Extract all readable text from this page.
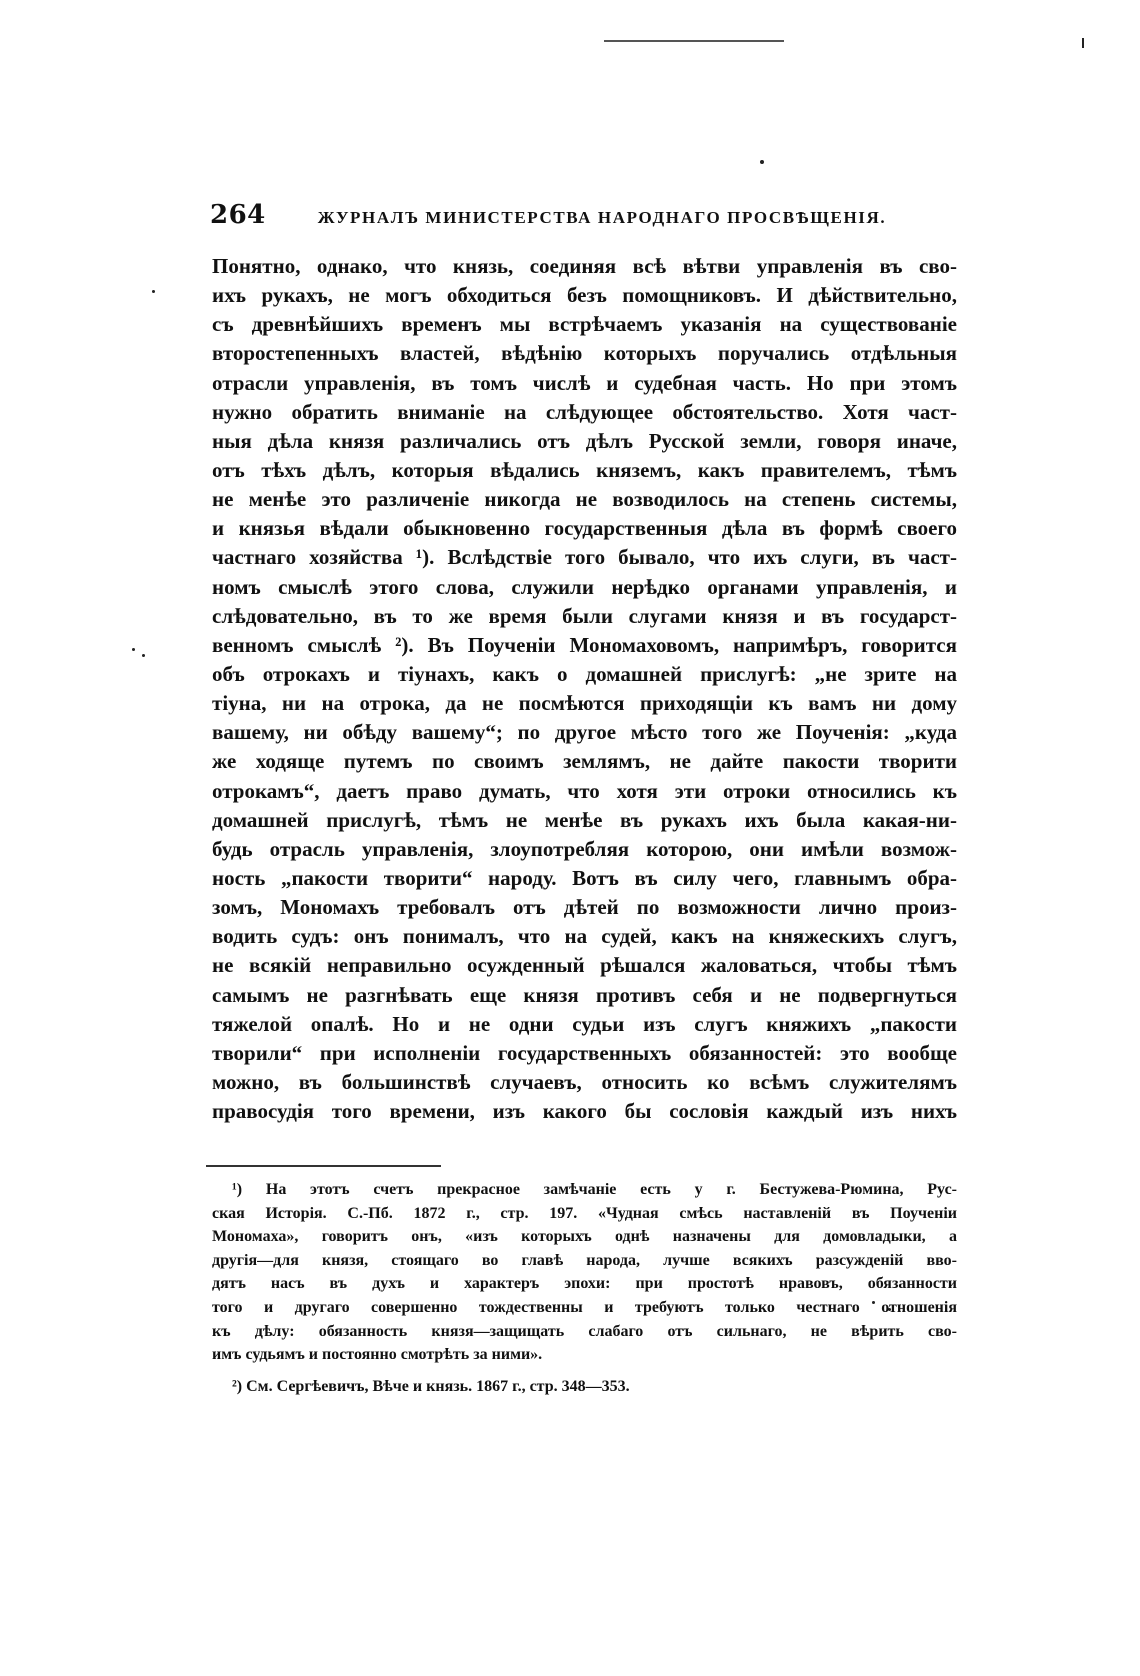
264	ЖУРНАЛЪ МИНИСТЕРСТВА НАРОДНАГО ПРОСВѢЩЕНІЯ.
Понятно, однако, что князь, соединяя всѣ вѣтви управленія въ сво-
ихъ рукахъ, не могъ обходиться безъ помощниковъ. И дѣйствительно,
съ древнѣйшихъ временъ мы встрѣчаемъ указанія на существованіе
второстепенныхъ властей, вѣдѣнію которыхъ поручались отдѣльныя
отрасли управленія, въ томъ числѣ и судебная часть. Но при этомъ
нужно обратить вниманіе на слѣдующее обстоятельство. Хотя част-
ныя дѣла князя различались отъ дѣлъ Русской земли, говоря иначе,
отъ тѣхъ дѣлъ, которыя вѣдались княземъ, какъ правителемъ, тѣмъ
не менѣе это различеніе никогда не возводилось на степень системы,
и князья вѣдали обыкновенно государственныя дѣла въ формѣ своего
частнаго хозяйства ¹). Вслѣдствіе того бывало, что ихъ слуги, въ част-
номъ смыслѣ этого слова, служили нерѣдко органами управленія, и
слѣдовательно, въ то же время были слугами князя и въ государст-
венномъ смыслѣ ²). Въ Поученіи Мономаховомъ, напримѣръ, говорится
объ отрокахъ и тіунахъ, какъ о домашней прислугѣ: „не зрите на
тіуна, ни на отрока, да не посмѣются приходящіи къ вамъ ни дому
вашему, ни обѣду вашему“; по другое мѣсто того же Поученія: „куда
же ходяще путемъ по своимъ землямъ, не дайте пакости творити
отрокамъ“, даетъ право думать, что хотя эти отроки относились къ
домашней прислугѣ, тѣмъ не менѣе въ рукахъ ихъ была какая-ни-
будь отрасль управленія, злоупотребляя которою, они имѣли возмож-
ность „пакости творити“ народу. Вотъ въ силу чего, главнымъ обра-
зомъ, Мономахъ требовалъ отъ дѣтей по возможности лично произ-
водить судъ: онъ понималъ, что на судей, какъ на княжескихъ слугъ,
не всякій неправильно осужденный рѣшался жаловаться, чтобы тѣмъ
самымъ не разгнѣвать еще князя противъ себя и не подвергнуться
тяжелой опалѣ. Но и не одни судьи изъ слугъ княжихъ „пакости
творили“ при исполненіи государственныхъ обязанностей: это вообще
можно, въ большинствѣ случаевъ, относить ко всѣмъ служителямъ
правосудія того времени, изъ какого бы сословія каждый изъ нихъ
¹) На этотъ счетъ прекрасное замѣчаніе есть у г. Бестужева-Рюмина, Рус-
ская Исторія. С.-Пб. 1872 г., стр. 197. «Чудная смѣсь наставленій въ Поученіи
Мономаха», говоритъ онъ, «изъ которыхъ однѣ назначены для домовладыки, а
другія—для князя, стоящаго во главѣ народа, лучше всякихъ разсужденій вво-
дятъ насъ въ духъ и характеръ эпохи: при простотѣ нравовъ, обязанности
того и другаго совершенно тождественны и требуютъ только честнаго отношенія
къ дѣлу: обязанность князя—защищать слабаго отъ сильнаго, не вѣрить сво-
имъ судьямъ и постоянно смотрѣть за ними».
²) См. Сергѣевичъ, Вѣче и князь. 1867 г., стр. 348—353.
